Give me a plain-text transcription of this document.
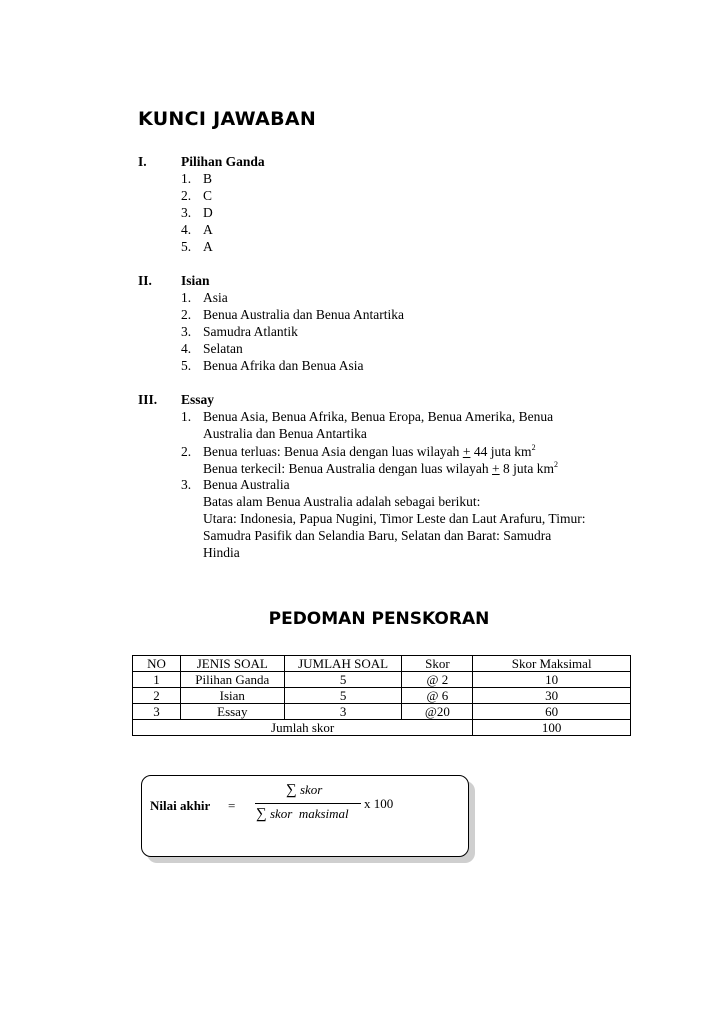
KUNCI JAWABAN
I.	Pilihan Ganda
1. B
2. C
3. D
4. A
5. A
II. Isian
1. Asia
2. Benua Australia dan Benua Antartika
3. Samudra Atlantik
4. Selatan
5. Benua Afrika dan Benua Asia
III. Essay
1. Benua Asia, Benua Afrika, Benua Eropa, Benua Amerika, Benua
Australia dan Benua Antartika
2. Benua terluas: Benua Asia dengan luas wilayah + 44 juta $km^2$
Benua terkecil: Benua Australia dengan luas wilayah + 8 juta $km^2$
3. Benua Australia
Batas alam Benua Australia adalah sebagai berikut:
Utara: Indonesia, Papua Nugini, Timor Leste dan Laut Arafuru, Timur:
Samudra Pasifik dan Selandia Baru, Selatan dan Barat: Samudra
Hindia
PEDOMAN PENSKORAN
NO	JENIS SOAL	JUMLAH SOAL	Skor	Skor Maksimal
1	Pilihan Ganda	5	@ 2	10
2	Isian	5	@ 6	30
3	Essay	3	@20	60
Jumlah skor				100
Nilai akhir =
∑ skor
∑ skor  maksimal
x 100
